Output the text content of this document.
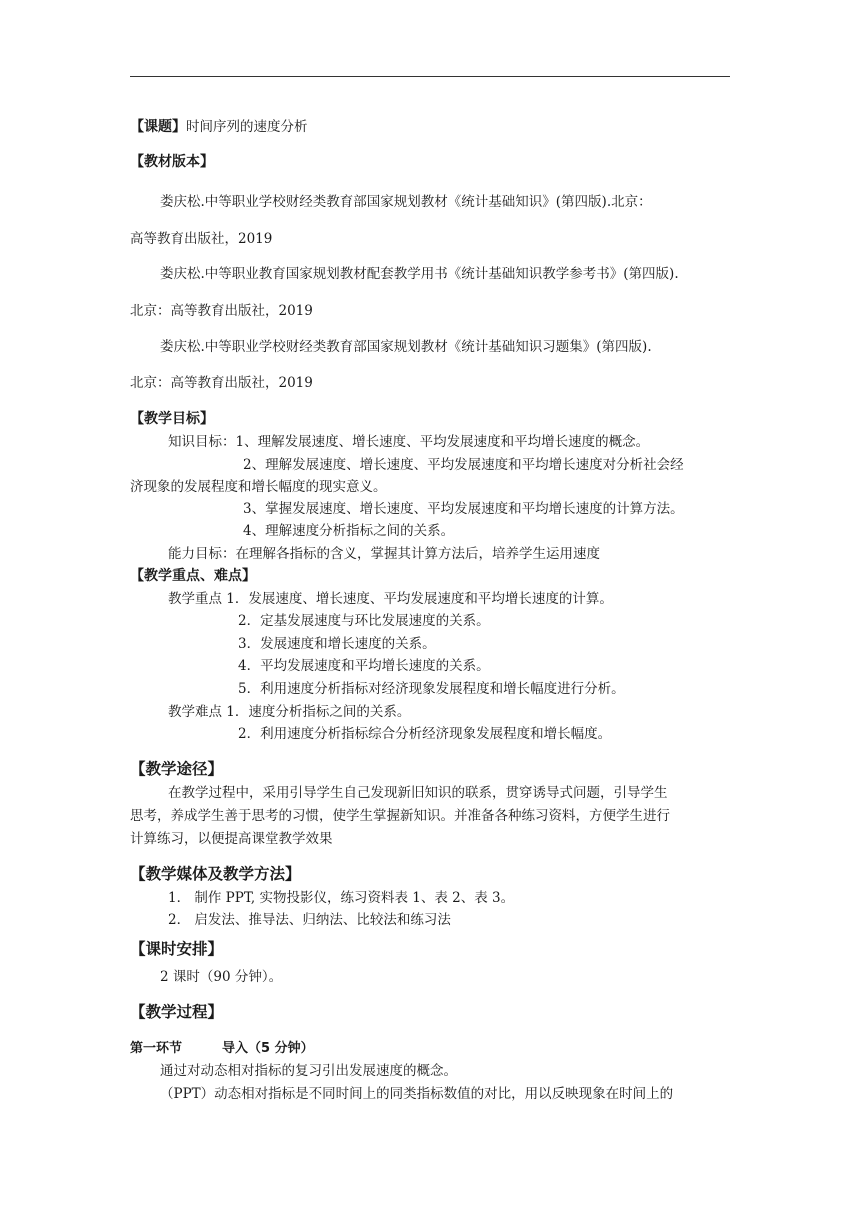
【课题】时间序列的速度分析
【教材版本】
娄庆松.中等职业学校财经类教育部国家规划教材《统计基础知识》(第四版).北京：
高等教育出版社，2019
娄庆松.中等职业教育国家规划教材配套教学用书《统计基础知识教学参考书》(第四版).
北京：高等教育出版社，2019
娄庆松.中等职业学校财经类教育部国家规划教材《统计基础知识习题集》(第四版).
北京：高等教育出版社，2019
【教学目标】
知识目标：1、理解发展速度、增长速度、平均发展速度和平均增长速度的概念。
2、理解发展速度、增长速度、平均发展速度和平均增长速度对分析社会经
济现象的发展程度和增长幅度的现实意义。
3、掌握发展速度、增长速度、平均发展速度和平均增长速度的计算方法。
4、理解速度分析指标之间的关系。
能力目标：在理解各指标的含义，掌握其计算方法后，培养学生运用速度
【教学重点、难点】
教学重点 1．发展速度、增长速度、平均发展速度和平均增长速度的计算。
2．定基发展速度与环比发展速度的关系。
3．发展速度和增长速度的关系。
4．平均发展速度和平均增长速度的关系。
5．利用速度分析指标对经济现象发展程度和增长幅度进行分析。
教学难点 1．速度分析指标之间的关系。
2．利用速度分析指标综合分析经济现象发展程度和增长幅度。
【教学途径】
在教学过程中，采用引导学生自己发现新旧知识的联系，贯穿诱导式问题，引导学生
思考，养成学生善于思考的习惯，使学生掌握新知识。并准备各种练习资料，方便学生进行
计算练习，以便提高课堂教学效果
【教学媒体及教学方法】
1． 制作 PPT, 实物投影仪，练习资料表 1、表 2、表 3。
2． 启发法、推导法、归纳法、比较法和练习法
【课时安排】
2 课时（90 分钟）。
【教学过程】
第一环节	导入（5 分钟）
通过对动态相对指标的复习引出发展速度的概念。
（PPT）动态相对指标是不同时间上的同类指标数值的对比，用以反映现象在时间上的
